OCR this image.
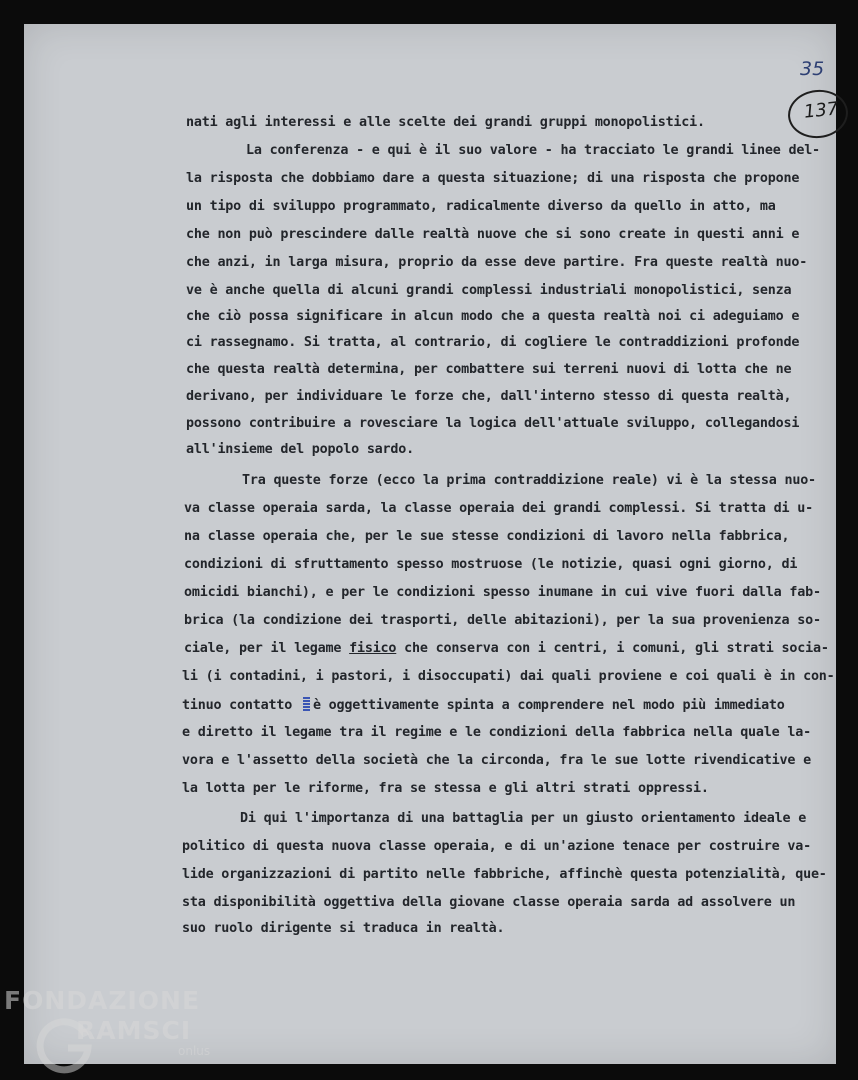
35
137
nati agli interessi e alle scelte dei grandi gruppi monopolistici.
La conferenza - e qui è il suo valore - ha tracciato le grandi linee del-
la risposta che dobbiamo dare a questa situazione; di una risposta che propone
un tipo di sviluppo programmato, radicalmente diverso da quello in atto, ma
che non può prescindere dalle realtà nuove che si sono create in questi anni e
che anzi, in larga misura, proprio da esse deve partire. Fra queste realtà nuo-
ve è anche quella di alcuni grandi complessi industriali monopolistici, senza
che ciò possa significare in alcun modo che a questa realtà noi ci adeguiamo e
ci rassegnamo. Si tratta, al contrario, di cogliere le contraddizioni profonde
che questa realtà determina, per combattere sui terreni nuovi di lotta che ne
derivano, per individuare le forze che, dall'interno stesso di questa realtà,
possono contribuire a rovesciare la logica dell'attuale sviluppo, collegandosi
all'insieme del popolo sardo.
Tra queste forze (ecco la prima contraddizione reale) vi è la stessa nuo-
va classe operaia sarda, la classe operaia dei grandi complessi. Si tratta di u-
na classe operaia che, per le sue stesse condizioni di lavoro nella fabbrica,
condizioni di sfruttamento spesso mostruose (le notizie, quasi ogni giorno, di
omicidi bianchi), e per le condizioni spesso inumane in cui vive fuori dalla fab-
brica (la condizione dei trasporti, delle abitazioni), per la sua provenienza so-
ciale, per il legame fisico che conserva con i centri, i comuni, gli strati socia-
li (i contadini, i pastori, i disoccupati) dai quali proviene e coi quali è in con-
tinuo contatto è oggettivamente spinta a comprendere nel modo più immediato
e diretto il legame tra il regime e le condizioni della fabbrica nella quale la-
vora e l'assetto della società che la circonda, fra le sue lotte rivendicative e
la lotta per le riforme, fra se stessa e gli altri strati oppressi.
Di qui l'importanza di una battaglia per un giusto orientamento ideale e
politico di questa nuova classe operaia, e di un'azione tenace per costruire va-
lide organizzazioni di partito nelle fabbriche, affinchè questa potenzialità, que-
sta disponibilità oggettiva della giovane classe operaia sarda ad assolvere un
suo ruolo dirigente si traduca in realtà.
FONDAZIONE
RAMSCI
onlus
